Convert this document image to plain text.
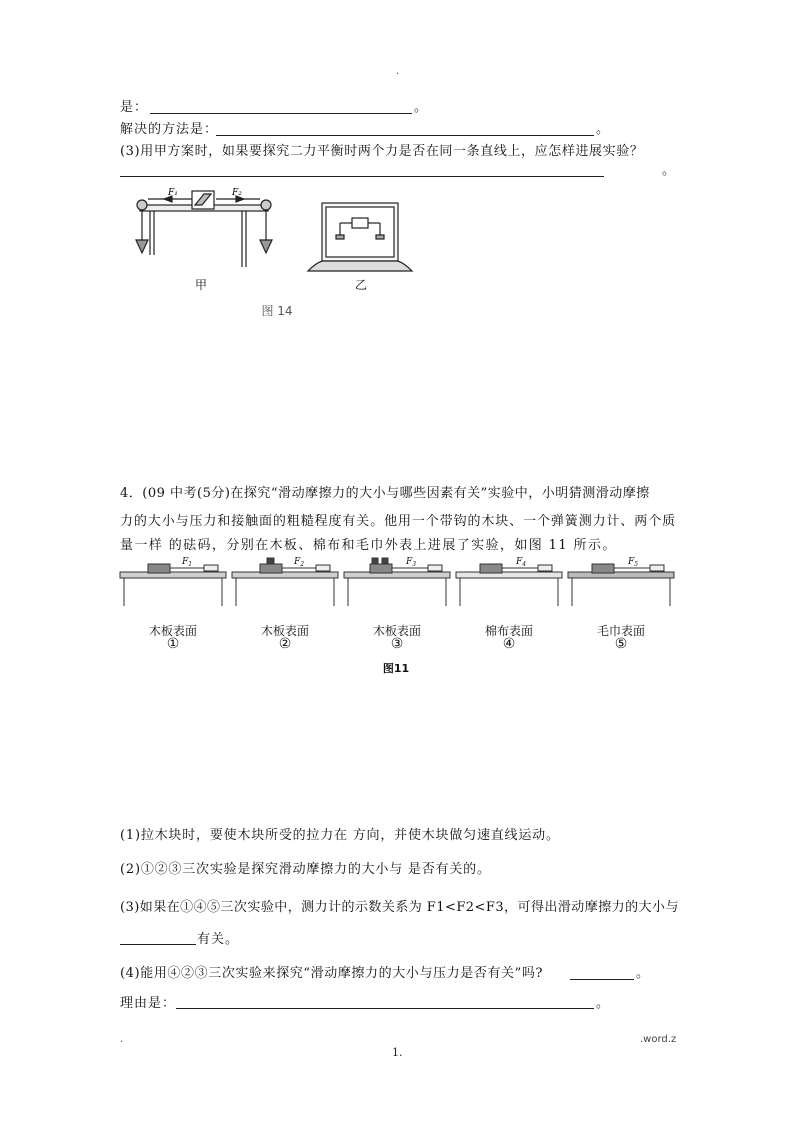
.
是：	。
解决的方法是：	。
(3)用甲方案时，如果要探究二力平衡时两个力是否在同一条直线上，应怎样进展实验？
。
F₁	F₂
甲	乙
图 14
4．(09 中考(5分)在探究“滑动摩擦力的大小与哪些因素有关”实验中，小明猜测滑动摩擦
力的大小与压力和接触面的粗糙程度有关。他用一个带钩的木块、一个弹簧测力计、两个质
量一样 的砝码，分别在木板、棉布和毛巾外表上进展了实验，如图 11 所示。
$F_1$	$F_2$	$F_3$	$F_4$	$F_5$
木板表面	木板表面	木板表面	棉布表面	毛巾表面
①	②	③	④	⑤
图11
(1)拉木块时，要使木块所受的拉力在 方向，并使木块做匀速直线运动。
(2)①②③三次实验是探究滑动摩擦力的大小与 是否有关的。
(3)如果在①④⑤三次实验中，测力计的示数关系为 F1<F2<F3，可得出滑动摩擦力的大小与
有关。
(4)能用④②③三次实验来探究“滑动摩擦力的大小与压力是否有关”吗?	。
理由是：	。
.	.word.z
1.
